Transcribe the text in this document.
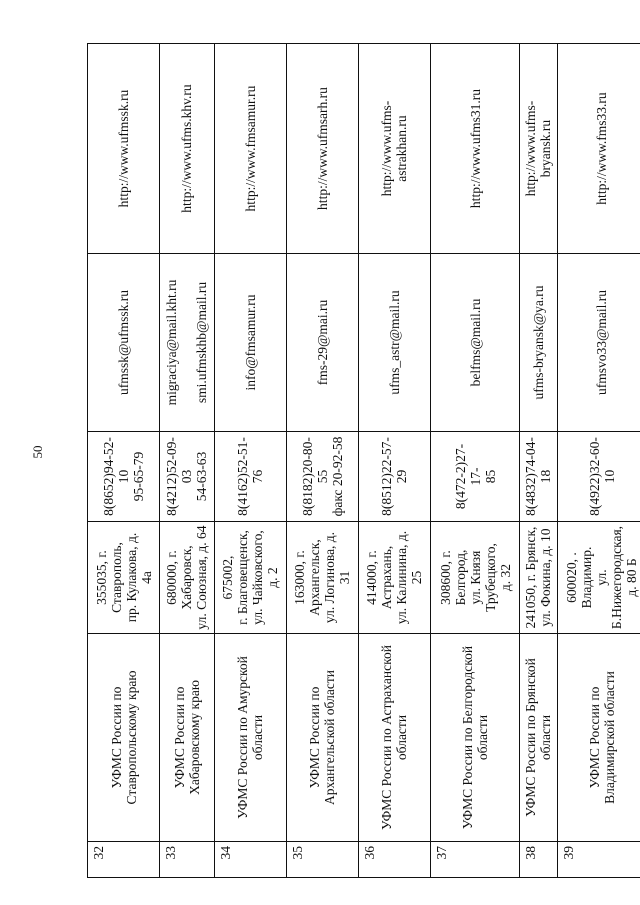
50
32	УФМС России по
Ставропольскому краю	355035, г.
Ставрополь,
пр. Кулакова, д. 4а	8(8652)94-52-
10
95-65-79	ufmssk@ufmssk.ru	http://www.ufmssk.ru
33	УФМС России по
Хабаровскому краю	680000, г.
Хабаровск,
ул. Союзная, д. 64	8(4212)52-09-
03
54-63-63	migraciya@mail.kht.ru

smi.ufmskhb@mail.ru	http://www.ufms.khv.ru
34	УФМС России по Амурской
области	675002,
г. Благовещенск,
ул. Чайковского,
д. 2	8(4162)52-51-
76	info@fmsamur.ru	http://www.fmsamur.ru
35	УФМС России по
Архангельской области	163000, г.
Архангельск,
ул. Логинова, д. 31	8(8182)20-80-
55
факс 20-92-58	fms-29@mai.ru	http://www.ufmsarh.ru
36	УФМС России по Астраханской
области	414000, г.
Астрахань,
ул. Калинина, д. 25	8(8512)22-57-
29	ufms_astr@mail.ru	http://www.ufms-
astrakhan.ru
37	УФМС России по Белгородской
области	308600, г.
Белгород,
ул. Князя
Трубецкого,
д. 32	8(472-2)27-17-
85	belfms@mail.ru	http://www.ufms31.ru
38	УФМС России по Брянской
области	241050, г. Брянск,
ул. Фокина, д. 10	8(4832)74-04-
18	ufms-bryansk@ya.ru	http://www.ufms-
bryansk.ru
39	УФМС России по
Владимирской области	600020, .
Владимир.
ул.
Б.Нижегородская,
д. 80 Б	8(4922)32-60-
10	ufmsvo33@mail.ru	http://www.fms33.ru
